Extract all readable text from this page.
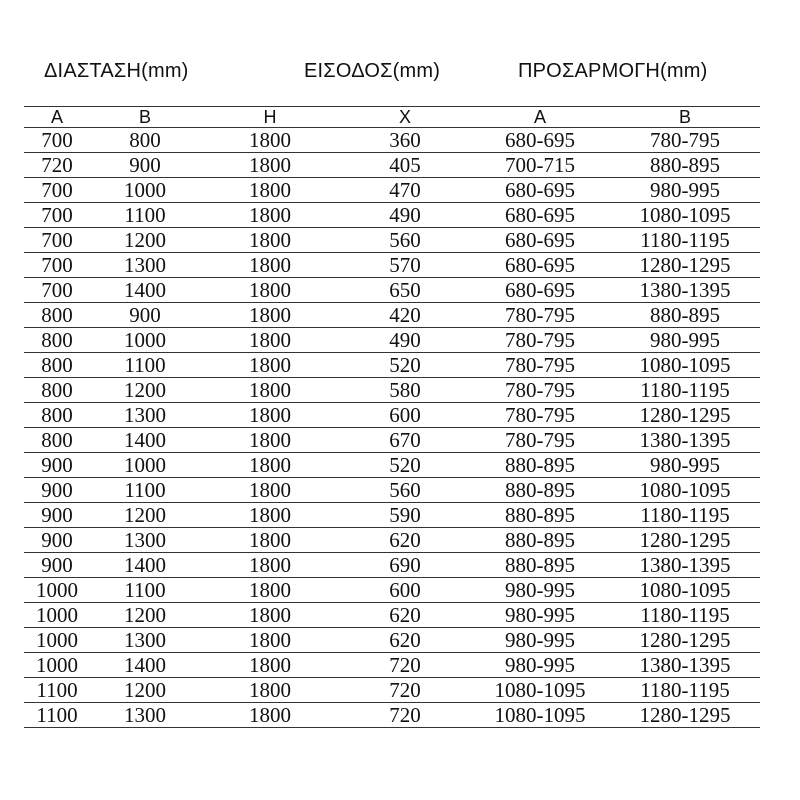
ΔΙΑΣΤΑΣΗ(mm)	ΕΙΣΟΔΟΣ(mm)	ΠΡΟΣΑΡΜΟΓΗ(mm)
A	B	H	X	A	B
700	800	1800	360	680-695	780-795
720	900	1800	405	700-715	880-895
700	1000	1800	470	680-695	980-995
700	1100	1800	490	680-695	1080-1095
700	1200	1800	560	680-695	1180-1195
700	1300	1800	570	680-695	1280-1295
700	1400	1800	650	680-695	1380-1395
800	900	1800	420	780-795	880-895
800	1000	1800	490	780-795	980-995
800	1100	1800	520	780-795	1080-1095
800	1200	1800	580	780-795	1180-1195
800	1300	1800	600	780-795	1280-1295
800	1400	1800	670	780-795	1380-1395
900	1000	1800	520	880-895	980-995
900	1100	1800	560	880-895	1080-1095
900	1200	1800	590	880-895	1180-1195
900	1300	1800	620	880-895	1280-1295
900	1400	1800	690	880-895	1380-1395
1000	1100	1800	600	980-995	1080-1095
1000	1200	1800	620	980-995	1180-1195
1000	1300	1800	620	980-995	1280-1295
1000	1400	1800	720	980-995	1380-1395
1100	1200	1800	720	1080-1095	1180-1195
1100	1300	1800	720	1080-1095	1280-1295
